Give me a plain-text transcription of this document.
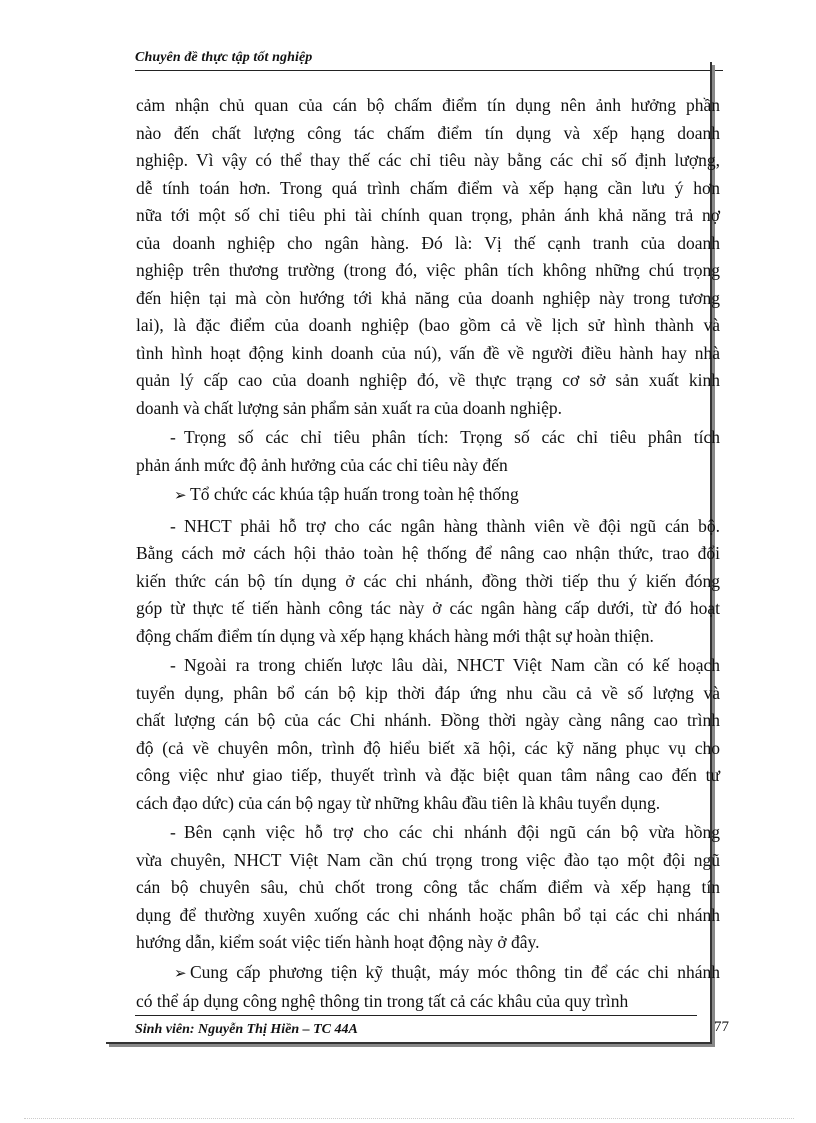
Chuyên đề thực tập tốt nghiệp
cảm nhận chủ quan của cán bộ chấm điểm tín dụng nên ảnh hưởng phần
nào đến chất lượng công tác chấm điểm tín dụng và xếp hạng doanh
nghiệp. Vì vậy có thể thay thế các chỉ tiêu này bằng các chỉ số định lượng,
dễ tính toán hơn. Trong quá trình chấm điểm và xếp hạng cần lưu ý hơn
nữa tới một số chỉ tiêu phi tài chính quan trọng, phản ánh khả năng trả nợ
của doanh nghiệp cho ngân hàng. Đó là: Vị thế cạnh tranh của doanh
nghiệp trên thương trường (trong đó, việc phân tích không những chú trọng
đến hiện tại mà còn hướng tới khả năng của doanh nghiệp này trong tương
lai), là đặc điểm của doanh nghiệp (bao gồm cả về lịch sử hình thành và
tình hình hoạt động kinh doanh của nú), vấn đề về người điều hành hay nhà
quản lý cấp cao của doanh nghiệp đó, về thực trạng cơ sở sản xuất kinh
doanh và chất lượng sản phẩm sản xuất ra của doanh nghiệp.
- Trọng số các chỉ tiêu phân tích: Trọng số các chỉ tiêu phân tích
phản ánh mức độ ảnh hưởng của các chỉ tiêu này đến
➢ Tổ chức các khúa tập huấn trong toàn hệ thống
- NHCT phải hỗ trợ cho các ngân hàng thành viên về đội ngũ cán bộ.
Bằng cách mở cách hội thảo toàn hệ thống để nâng cao nhận thức, trao đổi
kiến thức cán bộ tín dụng ở các chi nhánh, đồng thời tiếp thu ý kiến đóng
góp từ thực tế tiến hành công tác này ở các ngân hàng cấp dưới, từ đó hoạt
động chấm điểm tín dụng và xếp hạng khách hàng mới thật sự hoàn thiện.
- Ngoài ra trong chiến lược lâu dài, NHCT Việt Nam cần có kế hoạch
tuyển dụng, phân bổ cán bộ kịp thời đáp ứng nhu cầu cả về số lượng và
chất lượng cán bộ của các Chi nhánh. Đồng thời ngày càng nâng cao trình
độ (cả về chuyên môn, trình độ hiểu biết xã hội, các kỹ năng phục vụ cho
công việc như giao tiếp, thuyết trình và đặc biệt quan tâm nâng cao đến tư
cách đạo dức) của cán bộ ngay từ những khâu đầu tiên là khâu tuyển dụng.
- Bên cạnh việc hỗ trợ cho các chi nhánh đội ngũ cán bộ vừa hồng
vừa chuyên, NHCT Việt Nam cần chú trọng trong việc đào tạo một đội ngũ
cán bộ chuyên sâu, chủ chốt trong công tắc chấm điểm và xếp hạng tín
dụng để thường xuyên xuống các chi nhánh hoặc phân bổ tại các chi nhánh
hướng dẫn, kiểm soát việc tiến hành hoạt động này ở đây.
➢ Cung cấp phương tiện kỹ thuật, máy móc thông tin để các chi nhánh
có thể áp dụng công nghệ thông tin trong tất cả các khâu của quy trình
Sinh viên: Nguyễn Thị Hiền – TC 44A	77
